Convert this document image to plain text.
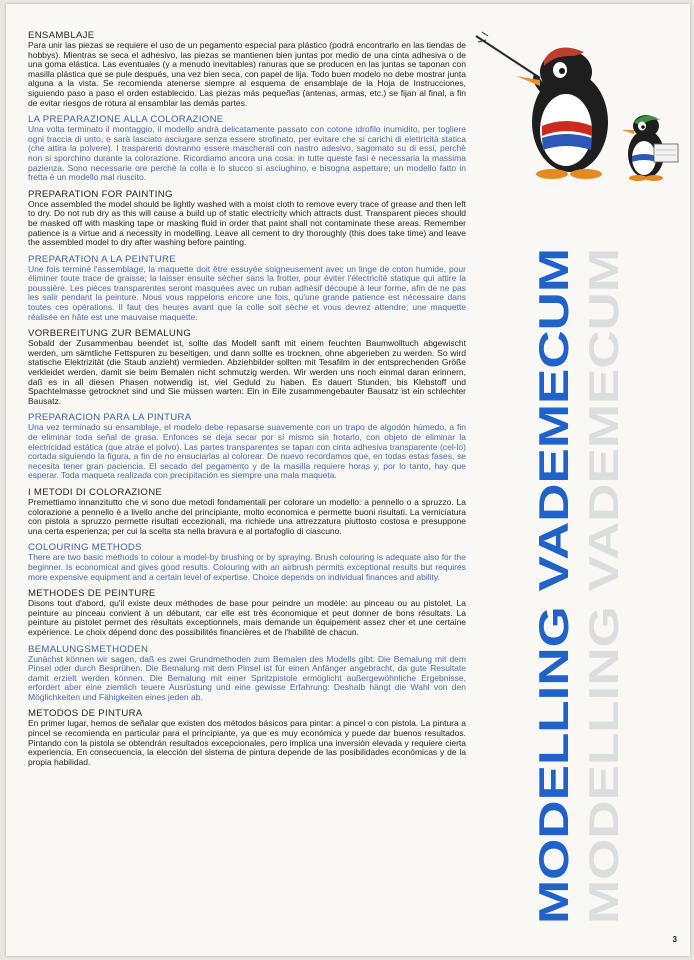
ENSAMBLAJE

Para unir las piezas se requiere el uso de un pegamento especial para plástico (podrá encontrarlo en las tiendas de hobbys). Mientras se seca el adhesivo, las piezas se mantienen bien juntas por medio de una cinta adhesiva o de una goma elástica. Las eventuales (y a menudo inevitables) ranuras que se producen en las juntas se taponan con masilla plástica que se pule después, una vez bien seca, con papel de lija. Todo buen modelo no debe mostrar junta alguna a la vista. Se recomienda atenerse siempre al esquema de ensamblaje de la Hoja de Instrucciones, siguiendo paso a paso el orden establecido. Las piezas más pequeñas (antenas, armas, etc.) se fijan al final, a fin de evitar riesgos de rotura al ensamblar las demás partes.

LA PREPARAZIONE ALLA COLORAZIONE

Una volta terminato il montaggio, il modello andrà delicatamente passato con cotone idrofilo inumidito, per togliere ogni traccia di unto, e sarà lasciato asciugare senza essere strofinato, per evitare che si carichi di elettricità statica (che attira la polvere). I trasparenti dovranno essere mascherati con nastro adesivo, sagomato su di essi, perchè non si sporchino durante la colorazione. Ricordiamo ancora una cosa: in tutte queste fasi è necessaria la massima pazienza. Sono necessarie ore perchè la colla e lo stucco si asciughino, e bisogna aspettare; un modello fatto in fretta è un modello mal riuscito.

PREPARATION FOR PAINTING

Once assembled the model should be lightly washed with a moist cloth to remove every trace of grease and then left to dry. Do not rub dry as this will cause a build up of static electricity which attracts dust. Transparent pieces should be masked off with masking tape or masking fluid in order that paint shall not contaminate these areas. Remember patience is a virtue and a necessity in modelling. Leave all cement to dry thoroughly (this does take time) and leave the assembled model to dry after washing before painting.

PREPARATION A LA PEINTURE

Une fois terminé l'assemblage, la maquette doit être essuyée soigneusement avec un linge de coton humide, pour éliminer toute trace de graisse; la laisser ensuite sécher sans la frotter, pour éviter l'électricité statique qui attire la poussière. Les pièces transparentes seront masquées avec un ruban adhésif découpé à leur forme, afin de ne pas les salir pendant la peinture. Nous vous rappelons encore une fois, qu'une grande patience est nécessaire dans toutes ces opérations. Il faut des heures avant que la colle soit sèche et vous devrez attendre; une maquette réalisée en hâte est une mauvaise maquette.

VORBEREITUNG ZUR BEMALUNG

Sobald der Zusammenbau beendet ist, sollte das Modell sanft mit einem feuchten Baumwolltuch abgewischt werden, um sämtliche Fettspuren zu beseitigen, und dann sollte es trocknen, ohne abgerieben zu werden. So wird statische Elektrizität (die Staub anzieht) vermieden. Abziehbilder sollten mit Tesafilm in der entsprechenden Größe verkleidet werden, damit sie beim Bemalen nicht schmutzig werden. Wir werden uns noch einmal daran erinnern, daß es in all diesen Phasen notwendig ist, viel Geduld zu haben. Es dauert Stunden, bis Klebstoff und Spachtelmasse getrocknet sind und Sie müssen warten: Ein in Eile zusammengebauter Bausatz ist ein schlechter Bausatz.

PREPARACION PARA LA PINTURA

Una vez terminado su ensamblaje, el modelo debe repasarse suavemente con un trapo de algodón húmedo, a fin de eliminar toda señal de grasa. Enfonces se deja secar por sí mismo sin frotarlo, con objeto de eliminar la electricidad estática (que atrae el polvo). Las partes transparentes se tapan con cinta adhesiva transparente (cel-lo) cortada siguiendo la figura, a fin de no ensuciarlas al colorear. De nuevo recordamos que, en todas estas fases, se necesita tener gran paciencia. El secado del pegamento y de la masilla requiere horas y, por lo tanto, hay que esperar. Toda maqueta realizada con precipitación es siempre una mala maqueta.

I METODI DI COLORAZIONE

Premettiamo innanzitutto che vi sono due metodi fondamentali per colorare un modello: a pennello o a spruzzo. La colorazione a pennello è a livello anche del principiante, molto economica e permette buoni risultati. La verniciatura con pistola a spruzzo permette risultati eccezionali, ma richiede una attrezzatura piuttosto costosa e presuppone una certa esperienza; per cui la scelta sta nella bravura e al portafoglio di ciascuno.

COLOURING METHODS

There are two basic methods to colour a model-by brushing or by spraying. Brush colouring is adequate also for the beginner. Is economical and gives good results. Colouring with an airbrush permits exceptional results but requires more expensive equipment and a certain level of expertise. Choice depends on individual finances and ability.

METHODES DE PEINTURE

Disons tout d'abord, qu'il existe deux méthodes de base pour peindre un modèle: au pinceau ou au pistolet. La peinture au pinceau convient à un débutant, car elle est très économique et peut donner de bons résultats. La peinture au pistolet permet des résultats exceptionnels, mais demande un équipement assez cher et une certaine expérience. Le choix dépend donc des possibilités financières et de l'habilité de chacun.

BEMALUNGSMETHODEN

Zunächst können wir sagen, daß es zwei Grundmethoden zum Bemalen des Modells gibt: Die Bemalung mit dem Pinsel oder durch Besprühen. Die Bemalung mit dem Pinsel ist für einen Anfänger angebracht, da gute Resultate damit erzielt werden können. Die Bemalung mit einer Spritzpistole ermöglicht außergewöhnliche Ergebnisse, erfordert aber eine ziemlich teuere Ausrüstung und eine gewisse Erfahrung: Deshalb hängt die Wahl von den Möglichkeiten und Fähigkeiten eines jeden ab.

METODOS DE PINTURA

En primer lugar, hemos de señalar que existen dos métodos básicos para pintar: a pincel o con pistola. La pintura a pincel se recomienda en particular para el principiante, ya que es muy económica y puede dar buenos resultados. Pintando con la pistola se obtendrán resultados excepcionales, pero implica una inversión elevada y requiere cierta experiencia. En consecuencia, la elección del sistema de pintura depende de las posibilidades económicas y de la propia habilidad.	MODELLING VADEMECUM MODELLING VADEMECUM
3
